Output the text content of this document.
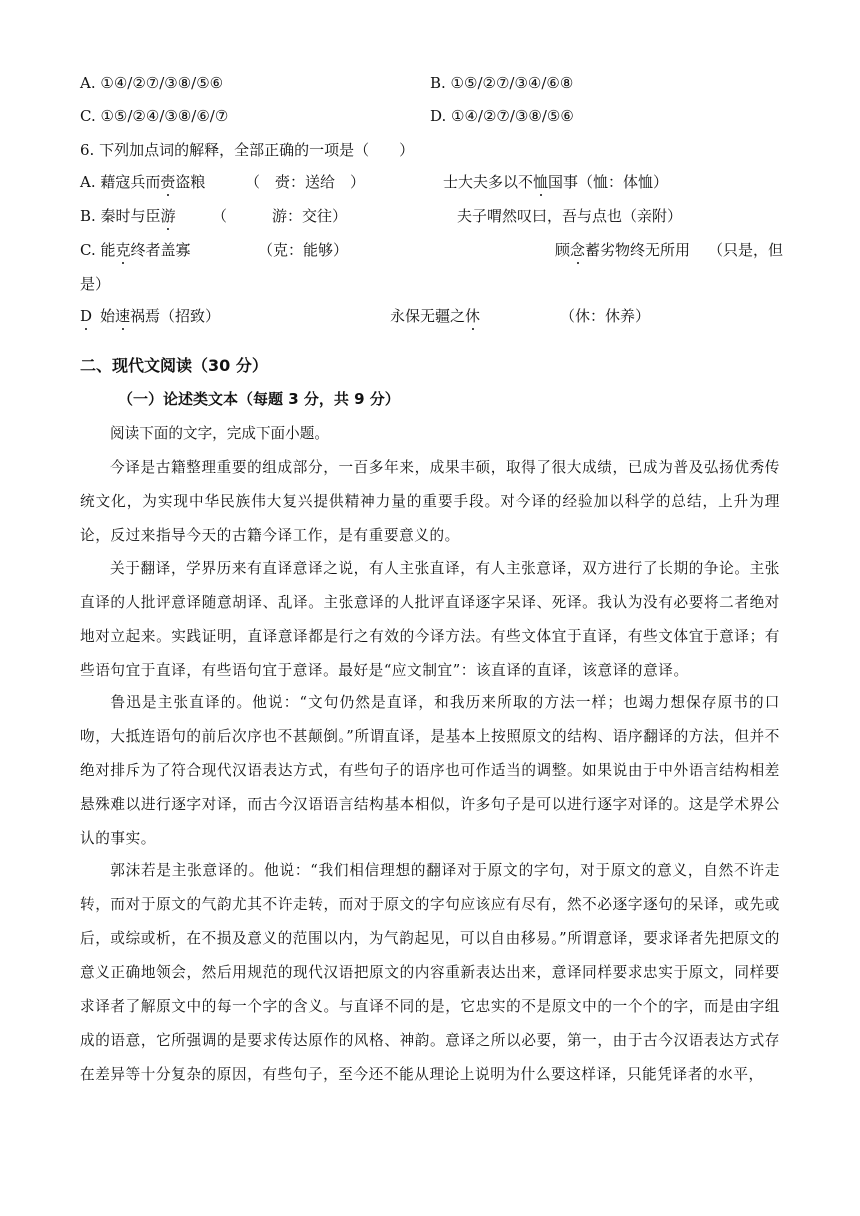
A. ①④/②⑦/③⑧/⑤⑥	B. ①⑤/②⑦/③④/⑥⑧
C. ①⑤/②④/③⑧/⑥/⑦	D. ①④/②⑦/③⑧/⑤⑥
6. 下列加点词的解释，全部正确的一项是（　　）
A. 藉寇兵而赍盗粮	（　赍：送给　）	士大夫多以不恤国事（恤：体恤）
B. 秦时与臣游 （　　　游：交往）	夫子喟然叹曰，吾与点也（亲附）
C. 能克终者盖寡	（克：能够）	顾念蓄劣物终无所用 （只是，但
是）
D 始速祸焉（招致）	永保无疆之休	（休：休养）
二、现代文阅读（30 分）
（一）论述类文本（每题 3 分，共 9 分）
阅读下面的文字，完成下面小题。
今译是古籍整理重要的组成部分，一百多年来，成果丰硕，取得了很大成绩，已成为普及弘扬优秀传统文化，为实现中华民族伟大复兴提供精神力量的重要手段。对今译的经验加以科学的总结，上升为理论，反过来指导今天的古籍今译工作，是有重要意义的。
关于翻译，学界历来有直译意译之说，有人主张直译，有人主张意译，双方进行了长期的争论。主张直译的人批评意译随意胡译、乱译。主张意译的人批评直译逐字呆译、死译。我认为没有必要将二者绝对地对立起来。实践证明，直译意译都是行之有效的今译方法。有些文体宜于直译，有些文体宜于意译；有些语句宜于直译，有些语句宜于意译。最好是“应文制宜”：该直译的直译，该意译的意译。
鲁迅是主张直译的。他说：“文句仍然是直译，和我历来所取的方法一样；也竭力想保存原书的口吻，大抵连语句的前后次序也不甚颠倒。”所谓直译，是基本上按照原文的结构、语序翻译的方法，但并不绝对排斥为了符合现代汉语表达方式，有些句子的语序也可作适当的调整。如果说由于中外语言结构相差悬殊难以进行逐字对译，而古今汉语语言结构基本相似，许多句子是可以进行逐字对译的。这是学术界公认的事实。
郭沫若是主张意译的。他说：“我们相信理想的翻译对于原文的字句，对于原文的意义，自然不许走转，而对于原文的气韵尤其不许走转，而对于原文的字句应该应有尽有，然不必逐字逐句的呆译，或先或后，或综或析，在不损及意义的范围以内，为气韵起见，可以自由移易。”所谓意译，要求译者先把原文的意义正确地领会，然后用规范的现代汉语把原文的内容重新表达出来，意译同样要求忠实于原文，同样要求译者了解原文中的每一个字的含义。与直译不同的是，它忠实的不是原文中的一个个的字，而是由字组成的语意，它所强调的是要求传达原作的风格、神韵。意译之所以必要，第一，由于古今汉语表达方式存在差异等十分复杂的原因，有些句子，至今还不能从理论上说明为什么要这样译，只能凭译者的水平，
